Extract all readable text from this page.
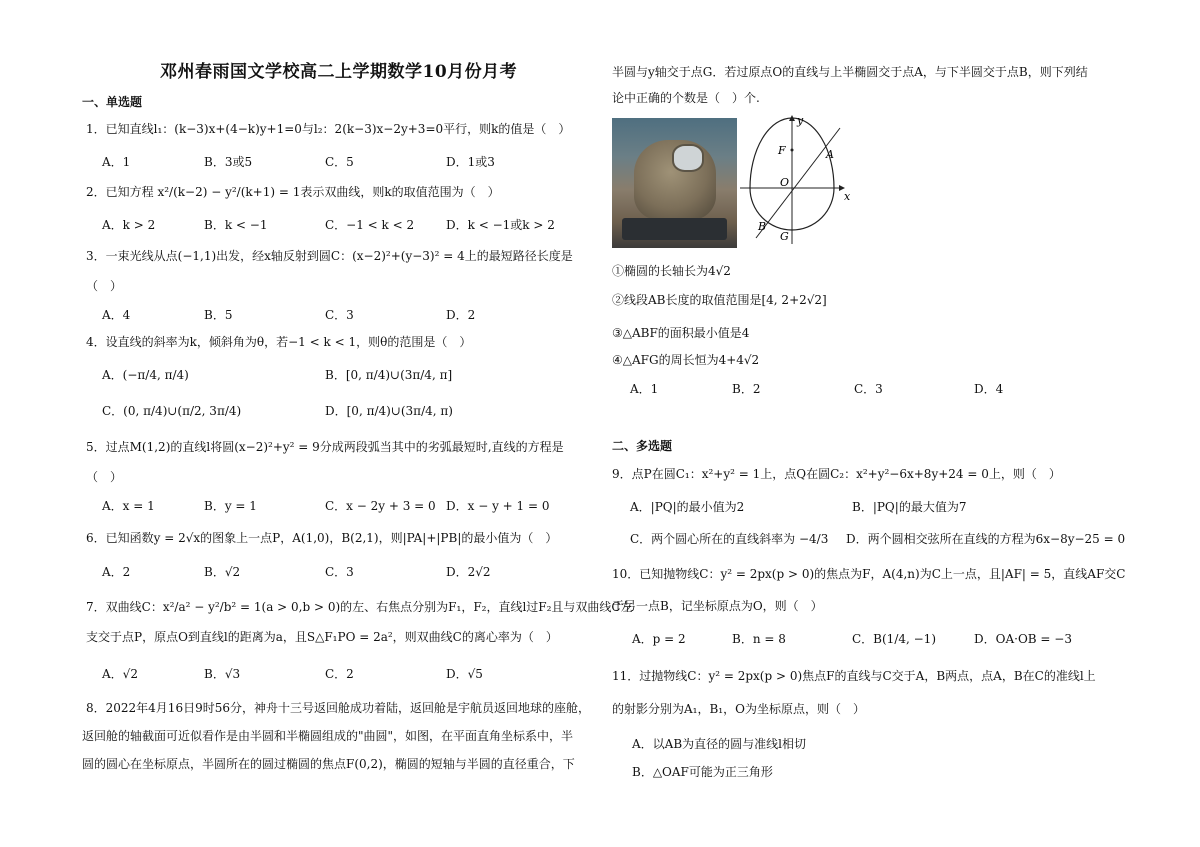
邓州春雨国文学校高二上学期数学10月份月考
一、单选题
1．已知直线l₁：(k−3)x+(4−k)y+1=0与l₂：2(k−3)x−2y+3=0平行，则k的值是（　）
A．1	B．3或5	C．5	D．1或3
2．已知方程 x²/(k−2) − y²/(k+1) = 1表示双曲线，则k的取值范围为（　）
A．k > 2	B．k < −1	C．−1 < k < 2	D．k < −1或k > 2
3．一束光线从点(−1,1)出发，经x轴反射到圆C：(x−2)²+(y−3)² = 4上的最短路径长度是
（　）
A．4	B．5	C．3	D．2
4．设直线的斜率为k，倾斜角为θ，若−1 < k < 1，则θ的范围是（　）
A．(−π/4, π/4)	B．[0, π/4)∪(3π/4, π]
C．(0, π/4)∪(π/2, 3π/4)	D．[0, π/4)∪(3π/4, π)
5．过点M(1,2)的直线l将圆(x−2)²+y² = 9分成两段弧当其中的劣弧最短时,直线的方程是
（　）
A．x = 1	B．y = 1	C．x − 2y + 3 = 0 D．x − y + 1 = 0
6．已知函数y = 2√x的图象上一点P，A(1,0)，B(2,1)，则|PA|+|PB|的最小值为（　）
A．2	B．√2	C．3	D．2√2
7．双曲线C：x²/a² − y²/b² = 1(a > 0,b > 0)的左、右焦点分别为F₁，F₂，直线l过F₂且与双曲线C左
支交于点P，原点O到直线l的距离为a，且S△F₁PO = 2a²，则双曲线C的离心率为（　）
A．√2	B．√3	C．2	D．√5
8．2022年4月16日9时56分，神舟十三号返回舱成功着陆，返回舱是宇航员返回地球的座舱，
返回舱的轴截面可近似看作是由半圆和半椭圆组成的"曲圆"，如图，在平面直角坐标系中，半
圆的圆心在坐标原点，半圆所在的圆过椭圆的焦点F(0,2)，椭圆的短轴与半圆的直径重合，下
半圆与y轴交于点G．若过原点O的直线与上半椭圆交于点A，与下半圆交于点B，则下列结
论中正确的个数是（　）个.
y
x
F	A
O
B
G
①椭圆的长轴长为4√2
②线段AB长度的取值范围是[4, 2+2√2]
③△ABF的面积最小值是4
④△AFG的周长恒为4+4√2
A．1	B．2	C．3	D．4
二、多选题
9．点P在圆C₁：x²+y² = 1上，点Q在圆C₂：x²+y²−6x+8y+24 = 0上，则（　）
A．|PQ|的最小值为2	B．|PQ|的最大值为7
C．两个圆心所在的直线斜率为 −4/3 D．两个圆相交弦所在直线的方程为6x−8y−25 = 0
10．已知抛物线C：y² = 2px(p > 0)的焦点为F，A(4,n)为C上一点，且|AF| = 5，直线AF交C
于另一点B，记坐标原点为O，则（　）
A．p = 2	B．n = 8	C．B(1/4, −1)	D．OA·OB = −3
11．过抛物线C：y² = 2px(p > 0)焦点F的直线与C交于A，B两点，点A，B在C的准线l上
的射影分别为A₁，B₁，O为坐标原点，则（　）
A．以AB为直径的圆与准线l相切
B．△OAF可能为正三角形
